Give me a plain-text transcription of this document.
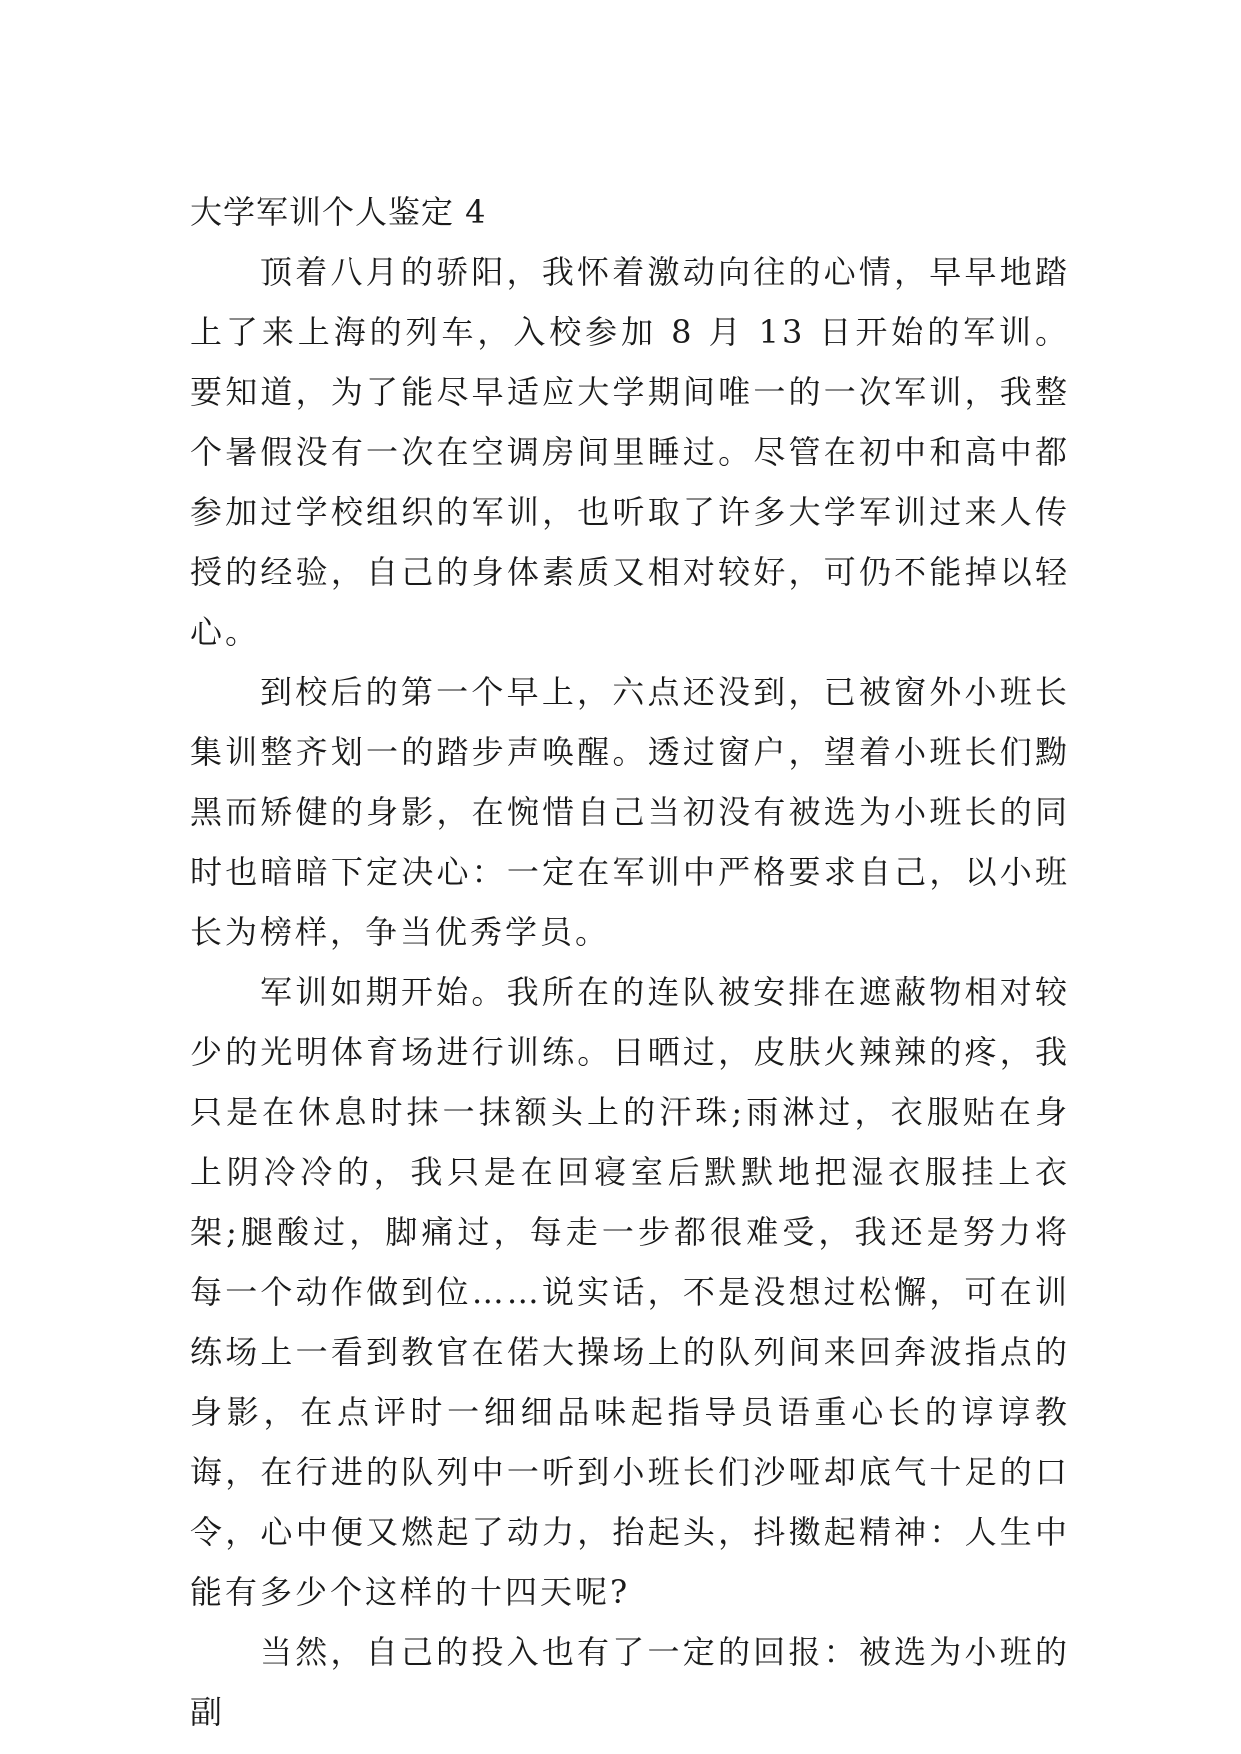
大学军训个人鉴定 4

顶着八月的骄阳，我怀着激动向往的心情，早早地踏上了来上海的列车，入校参加 8 月 13 日开始的军训。要知道，为了能尽早适应大学期间唯一的一次军训，我整个暑假没有一次在空调房间里睡过。尽管在初中和高中都参加过学校组织的军训，也听取了许多大学军训过来人传授的经验，自己的身体素质又相对较好，可仍不能掉以轻心。

到校后的第一个早上，六点还没到，已被窗外小班长集训整齐划一的踏步声唤醒。透过窗户，望着小班长们黝黑而矫健的身影，在惋惜自己当初没有被选为小班长的同时也暗暗下定决心：一定在军训中严格要求自己，以小班长为榜样，争当优秀学员。

军训如期开始。我所在的连队被安排在遮蔽物相对较少的光明体育场进行训练。日晒过，皮肤火辣辣的疼，我只是在休息时抹一抹额头上的汗珠;雨淋过，衣服贴在身上阴冷冷的，我只是在回寝室后默默地把湿衣服挂上衣架;腿酸过，脚痛过，每走一步都很难受，我还是努力将每一个动作做到位……说实话，不是没想过松懈，可在训练场上一看到教官在偌大操场上的队列间来回奔波指点的身影，在点评时一细细品味起指导员语重心长的谆谆教诲，在行进的队列中一听到小班长们沙哑却底气十足的口令，心中便又燃起了动力，抬起头，抖擞起精神：人生中能有多少个这样的十四天呢?

当然，自己的投入也有了一定的回报：被选为小班的副
